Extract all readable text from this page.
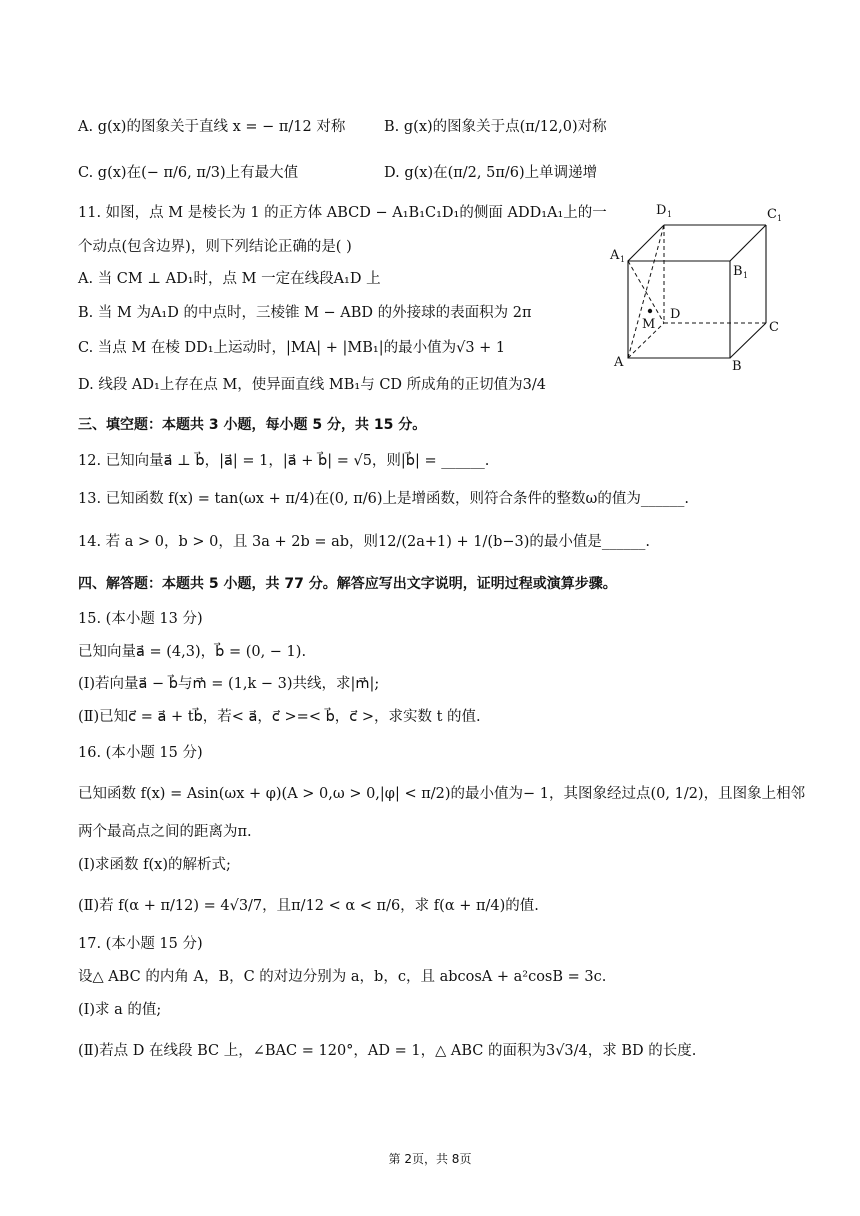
A. g(x)的图象关于直线 x = − π/12 对称	B. g(x)的图象关于点(π/12,0)对称
C. g(x)在(− π/6, π/3)上有最大值	D. g(x)在(π/2, 5π/6)上单调递增
11. 如图，点 M 是棱长为 1 的正方体 ABCD − A₁B₁C₁D₁的侧面 ADD₁A₁上的一
个动点(包含边界)，则下列结论正确的是( )
A. 当 CM ⊥ AD₁时，点 M 一定在线段A₁D 上
B. 当 M 为A₁D 的中点时，三棱锥 M − ABD 的外接球的表面积为 2π
C. 当点 M 在棱 DD₁上运动时，|MA| + |MB₁|的最小值为√3 + 1
D. 线段 AD₁上存在点 M，使异面直线 MB₁与 CD 所成角的正切值为3/4
三、填空题：本题共 3 小题，每小题 5 分，共 15 分。
12. 已知向量a⃗ ⊥ b⃗，|a⃗| = 1，|a⃗ + b⃗| = √5，则|b⃗| = ______.
13. 已知函数 f(x) = tan(ωx + π/4)在(0, π/6)上是增函数，则符合条件的整数ω的值为______.
14. 若 a > 0，b > 0，且 3a + 2b = ab，则12/(2a+1) + 1/(b−3)的最小值是______.
四、解答题：本题共 5 小题，共 77 分。解答应写出文字说明，证明过程或演算步骤。
15. (本小题 13 分)
已知向量a⃗ = (4,3)，b⃗ = (0, − 1).
(Ⅰ)若向量a⃗ − b⃗与m⃗ = (1,k − 3)共线，求|m⃗|;
(Ⅱ)已知c⃗ = a⃗ + tb⃗，若< a⃗，c⃗ >=< b⃗，c⃗ >，求实数 t 的值.
16. (本小题 15 分)
已知函数 f(x) = Asin(ωx + φ)(A > 0,ω > 0,|φ| < π/2)的最小值为− 1，其图象经过点(0, 1/2)，且图象上相邻
两个最高点之间的距离为π.
(Ⅰ)求函数 f(x)的解析式;
(Ⅱ)若 f(α + π/12) = 4√3/7，且π/12 < α < π/6，求 f(α + π/4)的值.
17. (本小题 15 分)
设△ ABC 的内角 A，B，C 的对边分别为 a，b，c，且 abcosA + a²cosB = 3c.
(Ⅰ)求 a 的值;
(Ⅱ)若点 D 在线段 BC 上，∠BAC = 120°，AD = 1，△ ABC 的面积为3√3/4，求 BD 的长度.
D 1	C 1
A 1
B 1
D
M	C
A	B
第 2页，共 8页
